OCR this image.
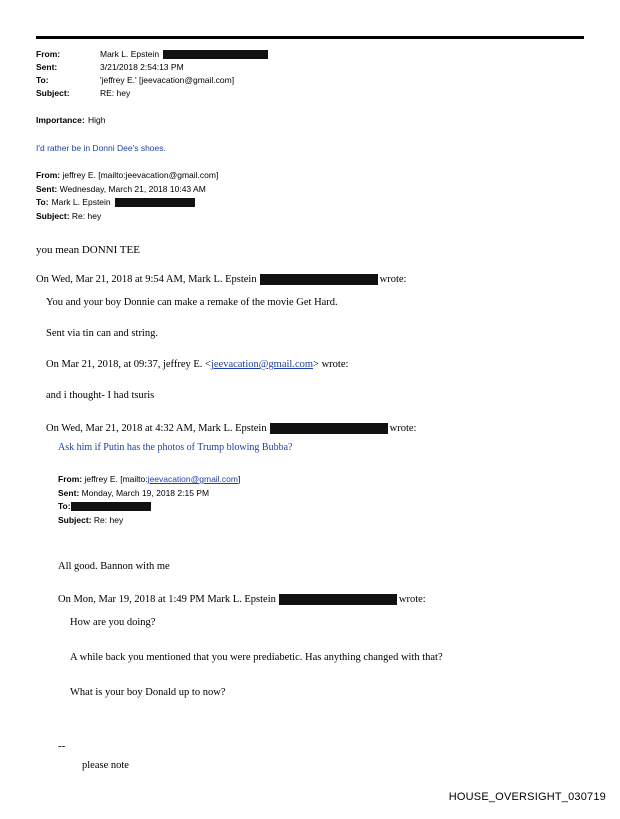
From:	Mark L. Epstein
Sent:	3/21/2018 2:54:13 PM
To:	'jeffrey E.' [jeevacation@gmail.com]
Subject:	RE: hey
Importance: High
I'd rather be in Donni Dee's shoes.
From: jeffrey E. [mailto:jeevacation@gmail.com]
Sent: Wednesday, March 21, 2018 10:43 AM
To: Mark L. Epstein
Subject: Re: hey
you mean DONNI TEE
On Wed, Mar 21, 2018 at 9:54 AM, Mark L. Epstein	wrote:
You and your boy Donnie can make a remake of the movie Get Hard.
Sent via tin can and string.
On Mar 21, 2018, at 09:37, jeffrey E. <jeevacation@gmail.com> wrote:
and i thought- I had tsuris
On Wed, Mar 21, 2018 at 4:32 AM, Mark L. Epstein	wrote:
Ask him if Putin has the photos of Trump blowing Bubba?
From: jeffrey E. [mailto:jeevacation@gmail.com]
Sent: Monday, March 19, 2018 2:15 PM
To:
Subject: Re: hey
All good. Bannon with me
On Mon, Mar 19, 2018 at 1:49 PM Mark L. Epstein	wrote:
How are you doing?
A while back you mentioned that you were prediabetic. Has anything changed with that?
What is your boy Donald up to now?
--
please note
HOUSE_OVERSIGHT_030719
